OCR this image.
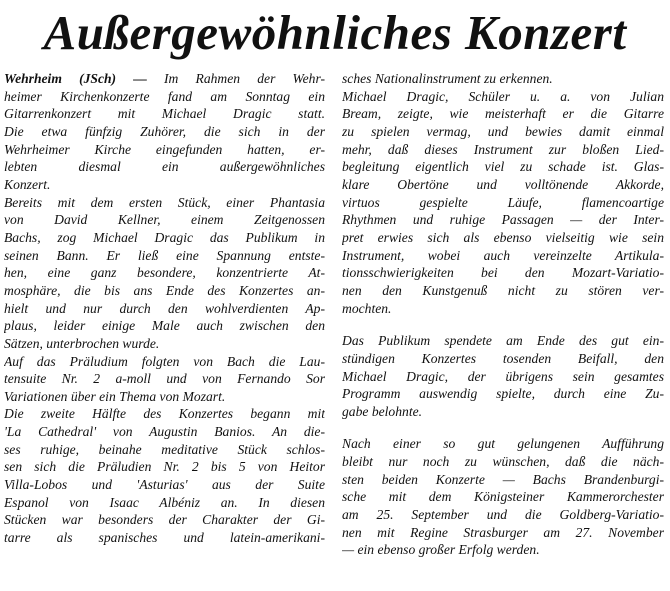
Außergewöhnliches Konzert
Wehrheim (JSch) — Im Rahmen der Wehr-
heimer Kirchenkonzerte fand am Sonntag ein
Gitarrenkonzert mit Michael Dragic statt.
Die etwa fünfzig Zuhörer, die sich in der
Wehrheimer Kirche eingefunden hatten, er-
lebten diesmal ein außergewöhnliches
Konzert.
Bereits mit dem ersten Stück, einer Phantasia
von David Kellner, einem Zeitgenossen
Bachs, zog Michael Dragic das Publikum in
seinen Bann. Er ließ eine Spannung entste-
hen, eine ganz besondere, konzentrierte At-
mosphäre, die bis ans Ende des Konzertes an-
hielt und nur durch den wohlverdienten Ap-
plaus, leider einige Male auch zwischen den
Sätzen, unterbrochen wurde.
Auf das Präludium folgten von Bach die Lau-
tensuite Nr. 2 a-moll und von Fernando Sor
Variationen über ein Thema von Mozart.
Die zweite Hälfte des Konzertes begann mit
'La Cathedral' von Augustin Banios. An die-
ses ruhige, beinahe meditative Stück schlos-
sen sich die Präludien Nr. 2 bis 5 von Heitor
Villa-Lobos und 'Asturias' aus der Suite
Espanol von Isaac Albéniz an. In diesen
Stücken war besonders der Charakter der Gi-
tarre als spanisches und latein-amerikani-
sches Nationalinstrument zu erkennen.
Michael Dragic, Schüler u. a. von Julian
Bream, zeigte, wie meisterhaft er die Gitarre
zu spielen vermag, und bewies damit einmal
mehr, daß dieses Instrument zur bloßen Lied-
begleitung eigentlich viel zu schade ist. Glas-
klare Obertöne und volltönende Akkorde,
virtuos gespielte Läufe, flamencoartige
Rhythmen und ruhige Passagen — der Inter-
pret erwies sich als ebenso vielseitig wie sein
Instrument, wobei auch vereinzelte Artikula-
tionsschwierigkeiten bei den Mozart-Variatio-
nen den Kunstgenuß nicht zu stören ver-
mochten.
Das Publikum spendete am Ende des gut ein-
stündigen Konzertes tosenden Beifall, den
Michael Dragic, der übrigens sein gesamtes
Programm auswendig spielte, durch eine Zu-
gabe belohnte.
Nach einer so gut gelungenen Aufführung
bleibt nur noch zu wünschen, daß die näch-
sten beiden Konzerte — Bachs Brandenburgi-
sche mit dem Königsteiner Kammerorchester
am 25. September und die Goldberg-Variatio-
nen mit Regine Strasburger am 27. November
— ein ebenso großer Erfolg werden.
